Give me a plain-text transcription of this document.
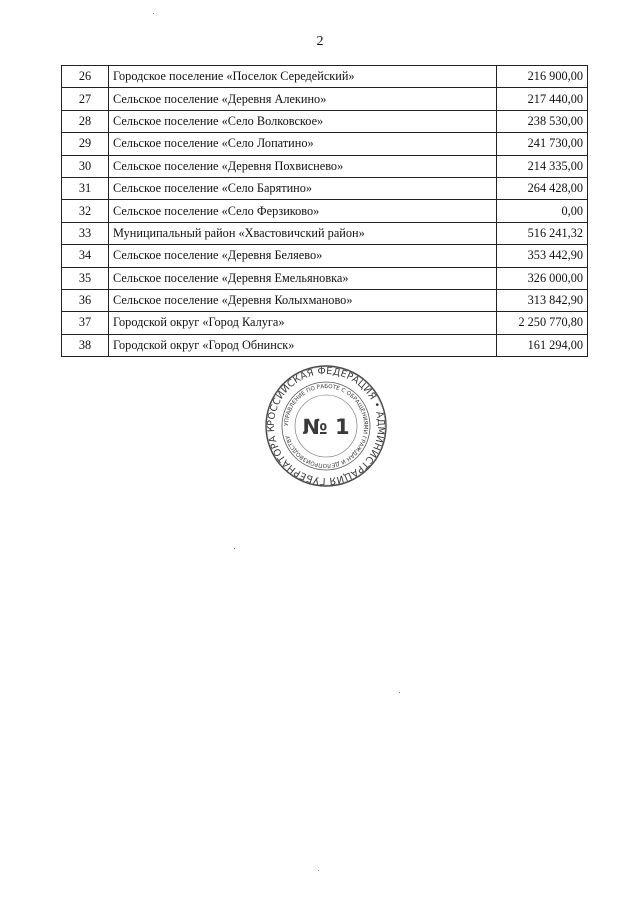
2
26	Городское поселение «Поселок Середейский»	216 900,00
27	Сельское поселение «Деревня Алекино»	217 440,00
28	Сельское поселение «Село Волковское»	238 530,00
29	Сельское поселение «Село Лопатино»	241 730,00
30	Сельское поселение «Деревня Похвиснево»	214 335,00
31	Сельское поселение «Село Барятино»	264 428,00
32	Сельское поселение «Село Ферзиково»	0,00
33	Муниципальный район «Хвастовичский район»	516 241,32
34	Сельское поселение «Деревня Беляево»	353 442,90
35	Сельское поселение «Деревня Емельяновка»	326 000,00
36	Сельское поселение «Деревня Колыхманово»	313 842,90
37	Городской округ «Город Калуга»	2 250 770,80
38	Городской округ «Город Обнинск»	161 294,00
РОССИЙСКАЯ ФЕДЕРАЦИЯ • АДМИНИСТРАЦИЯ ГУБЕРНАТОРА К
УПРАВЛЕНИЕ ПО РАБОТЕ С ОБРАЩЕНИЯМИ ГРАЖДАН И ДЕЛОПРОИЗВОДСТВУ № 1
